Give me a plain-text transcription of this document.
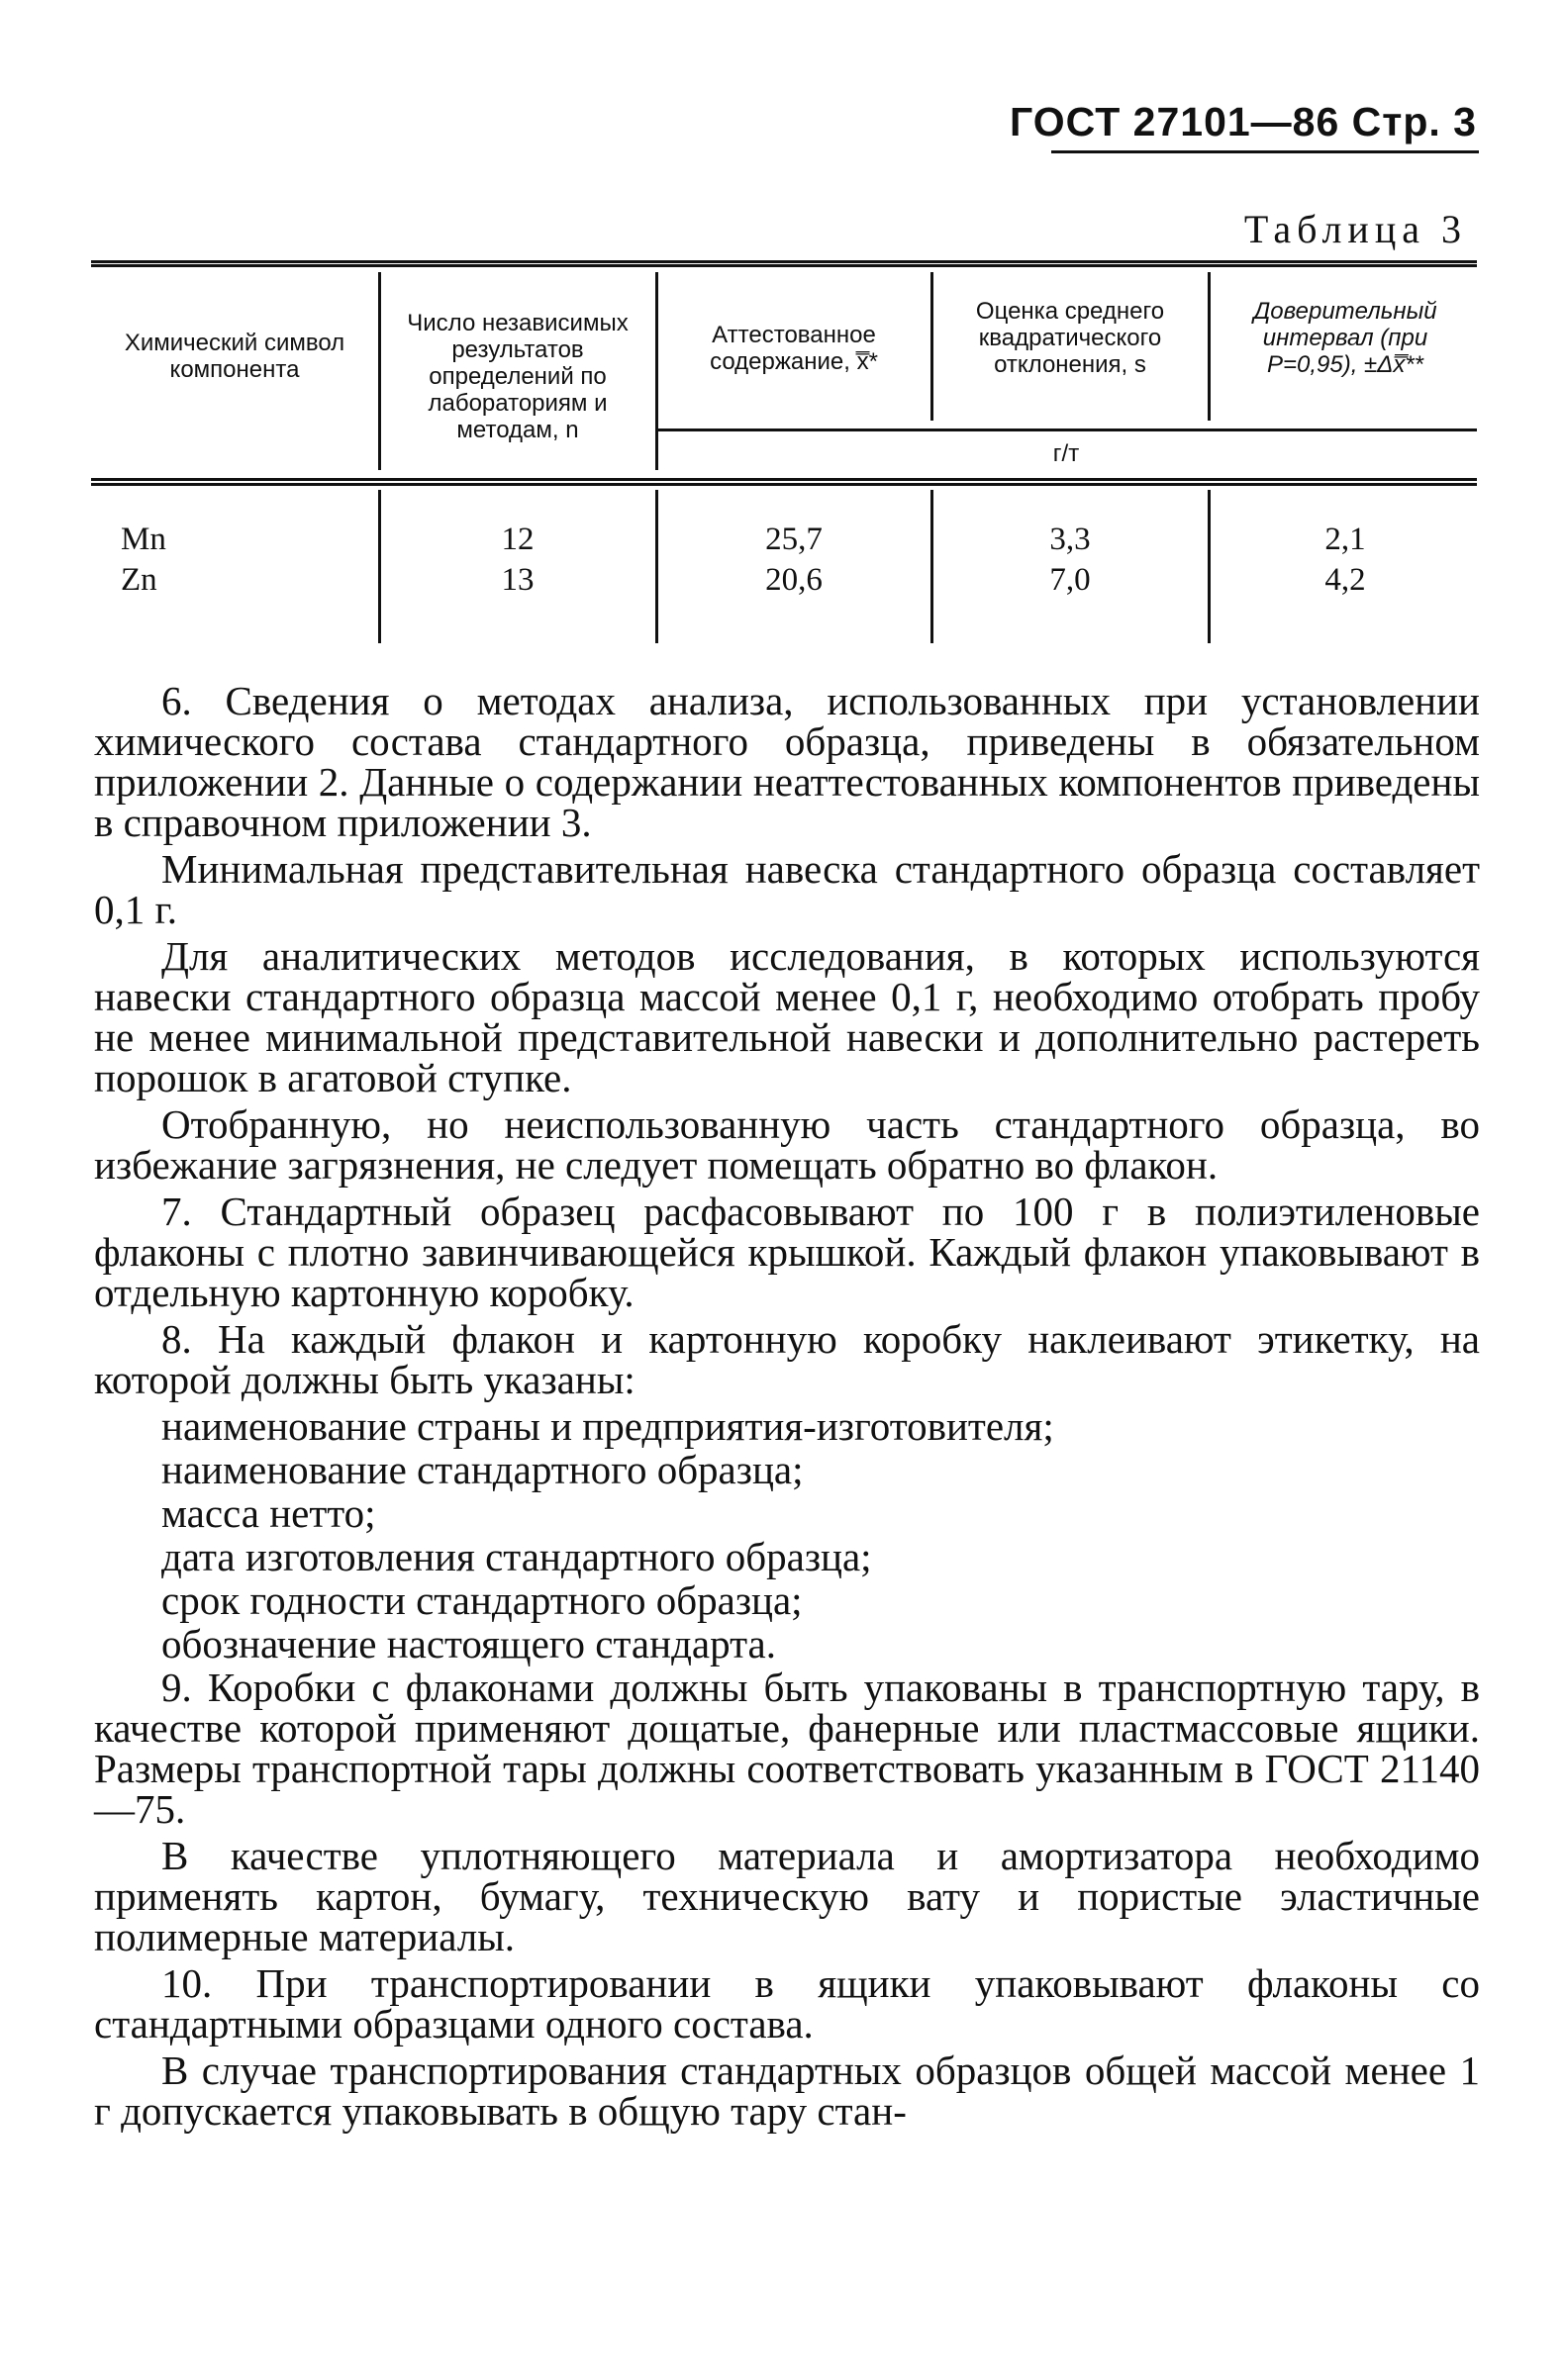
ГОСТ 27101—86 Стр. 3
Таблица 3
Химический символ компонента
Число независимых результатов определений по лабораториям и методам, n
Аттестованное содержание, x̿*
Оценка среднего квадратического отклонения, s
Доверительный интервал (при P=0,95), ±Δx̿**
г/т
Mn
Zn
12
13
25,7
20,6
3,3
7,0
2,1
4,2

6. Сведения о методах анализа, использованных при установлении химического состава стандартного образца, приведены в обязательном приложении 2. Данные о содержании неаттестованных компонентов приведены в справочном приложении 3.

Минимальная представительная навеска стандартного образца составляет 0,1 г.

Для аналитических методов исследования, в которых используются навески стандартного образца массой менее 0,1 г, необходимо отобрать пробу не менее минимальной представительной навески и дополнительно растереть порошок в агатовой ступке.

Отобранную, но неиспользованную часть стандартного образца, во избежание загрязнения, не следует помещать обратно во флакон.

7. Стандартный образец расфасовывают по 100 г в полиэтиленовые флаконы с плотно завинчивающейся крышкой. Каждый флакон упаковывают в отдельную картонную коробку.

8. На каждый флакон и картонную коробку наклеивают этикетку, на которой должны быть указаны:

наименование страны и предприятия-изготовителя;

наименование стандартного образца;

масса нетто;

дата изготовления стандартного образца;

срок годности стандартного образца;

обозначение настоящего стандарта.

9. Коробки с флаконами должны быть упакованы в транспортную тару, в качестве которой применяют дощатые, фанерные или пластмассовые ящики. Размеры транспортной тары должны соответствовать указанным в ГОСТ 21140—75.

В качестве уплотняющего материала и амортизатора необходимо применять картон, бумагу, техническую вату и пористые эластичные полимерные материалы.

10. При транспортировании в ящики упаковывают флаконы со стандартными образцами одного состава.

В случае транспортирования стандартных образцов общей массой менее 1 г допускается упаковывать в общую тару стан-
